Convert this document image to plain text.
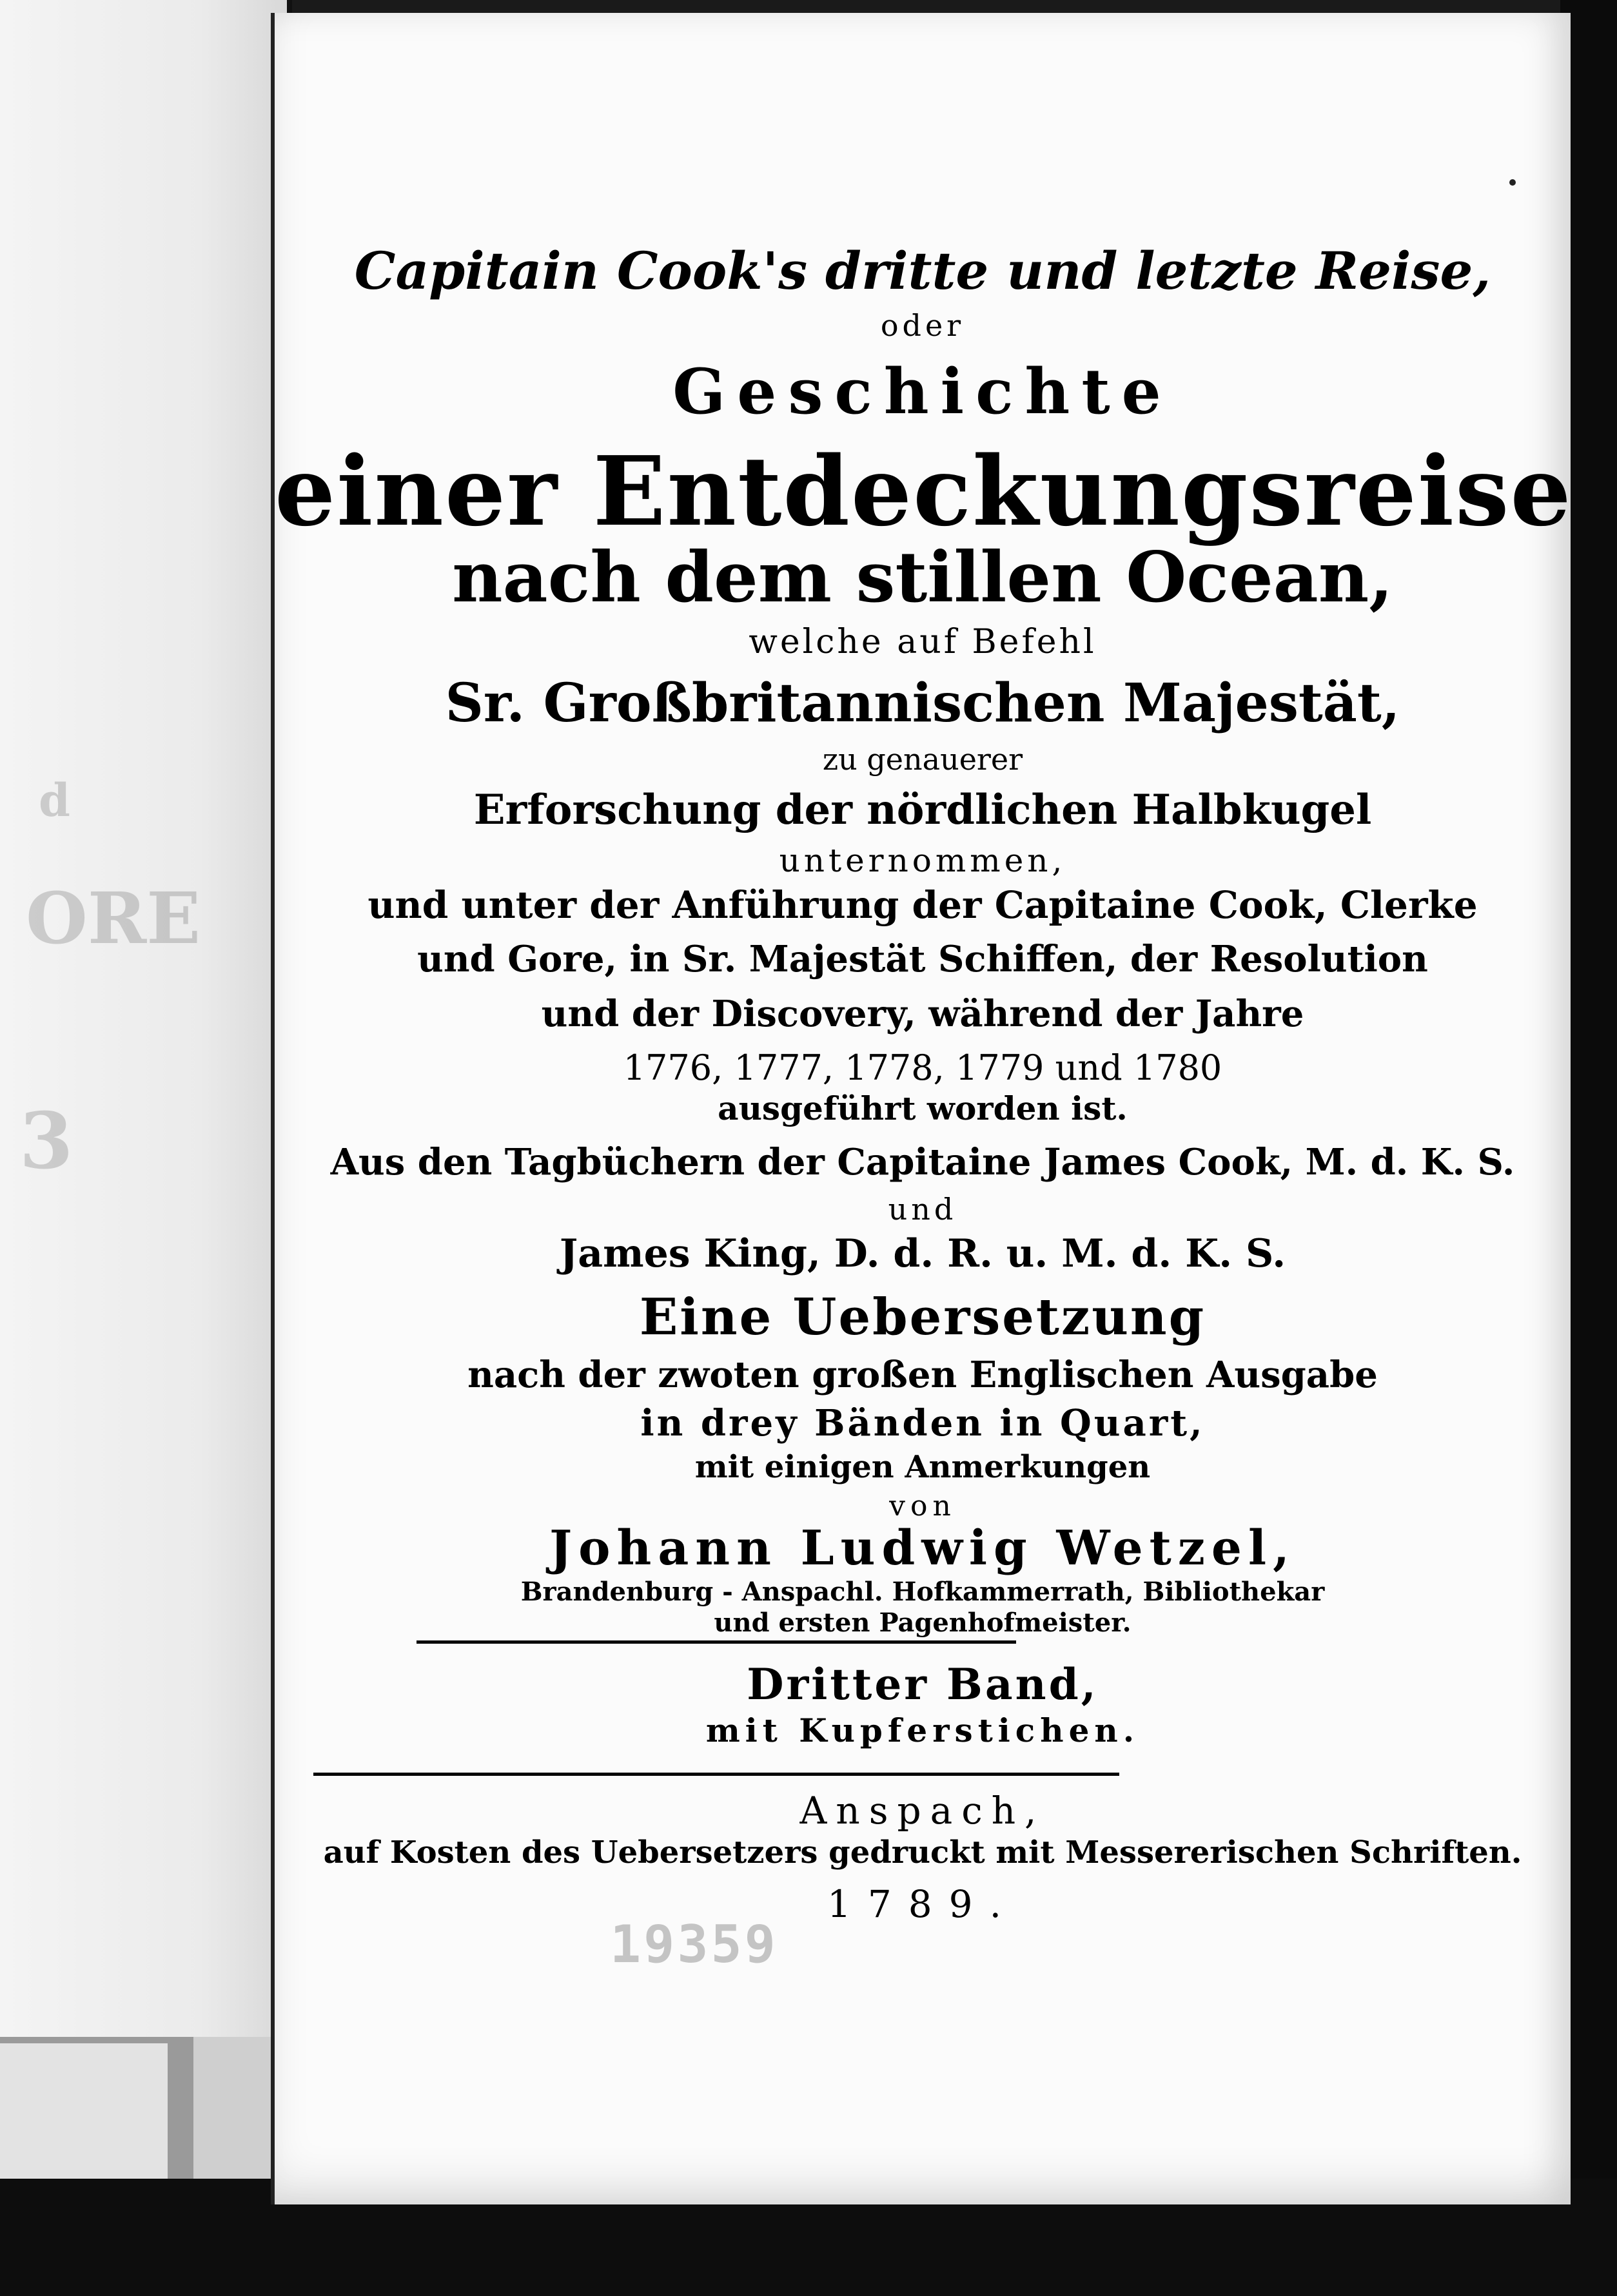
ORE
3
d
Capitain Cook's dritte und letzte Reise,
oder
Geschichte
einer Entdeckungsreise
nach dem stillen Ocean,
welche auf Befehl
Sr. Großbritannischen Majestät,
zu genauerer
Erforschung der nördlichen Halbkugel
unternommen,
und unter der Anführung der Capitaine Cook, Clerke
und Gore, in Sr. Majestät Schiffen, der Resolution
und der Discovery, während der Jahre
1776, 1777, 1778, 1779 und 1780
ausgeführt worden ist.
Aus den Tagbüchern der Capitaine James Cook, M. d. K. S.
und
James King, D. d. R. u. M. d. K. S.
Eine Uebersetzung
nach der zwoten großen Englischen Ausgabe
in drey Bänden in Quart,
mit einigen Anmerkungen
von
Johann Ludwig Wetzel,
Brandenburg - Anspachl. Hofkammerrath, Bibliothekar
und ersten Pagenhofmeister.
Dritter Band,
mit Kupferstichen.
Anspach,
auf Kosten des Uebersetzers gedruckt mit Messererischen Schriften.
1789.
19359
